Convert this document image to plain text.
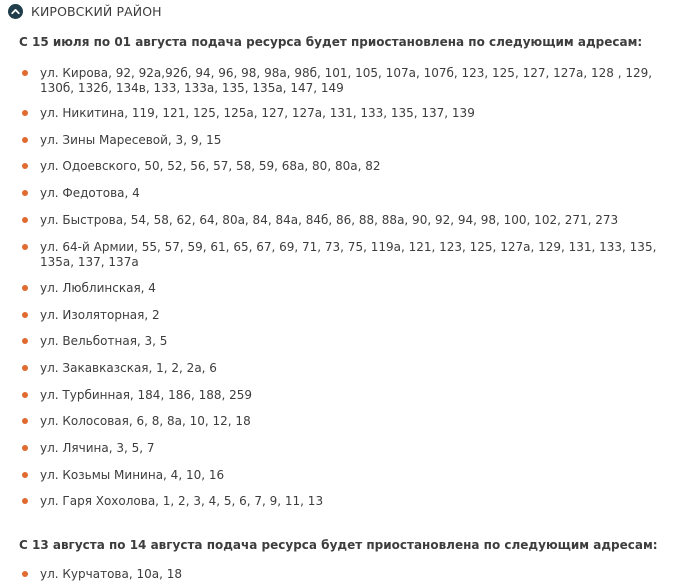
КИРОВСКИЙ РАЙОН
С 15 июля по 01 августа подача ресурса будет приостановлена по следующим адресам:
ул. Кирова, 92, 92а,92б, 94, 96, 98, 98а, 98б, 101, 105, 107а, 107б, 123, 125, 127, 127а, 128 , 129, 130б, 132б, 134в, 133, 133а, 135, 135а, 147, 149
ул. Никитина, 119, 121, 125, 125а, 127, 127а, 131, 133, 135, 137, 139
ул. Зины Маресевой, 3, 9, 15
ул. Одоевского, 50, 52, 56, 57, 58, 59, 68а, 80, 80а, 82
ул. Федотова, 4
ул. Быстрова, 54, 58, 62, 64, 80а, 84, 84а, 84б, 86, 88, 88а, 90, 92, 94, 98, 100, 102, 271, 273
ул. 64-й Армии, 55, 57, 59, 61, 65, 67, 69, 71, 73, 75, 119а, 121, 123, 125, 127а, 129, 131, 133, 135, 135а, 137, 137а
ул. Люблинская, 4
ул. Изоляторная, 2
ул. Вельботная, 3, 5
ул. Закавказская, 1, 2, 2а, 6
ул. Турбинная, 184, 186, 188, 259
ул. Колосовая, 6, 8, 8а, 10, 12, 18
ул. Лячина, 3, 5, 7
ул. Козьмы Минина, 4, 10, 16
ул. Гаря Хохолова, 1, 2, 3, 4, 5, 6, 7, 9, 11, 13
С 13 августа по 14 августа подача ресурса будет приостановлена по следующим адресам:
ул. Курчатова, 10а, 18
